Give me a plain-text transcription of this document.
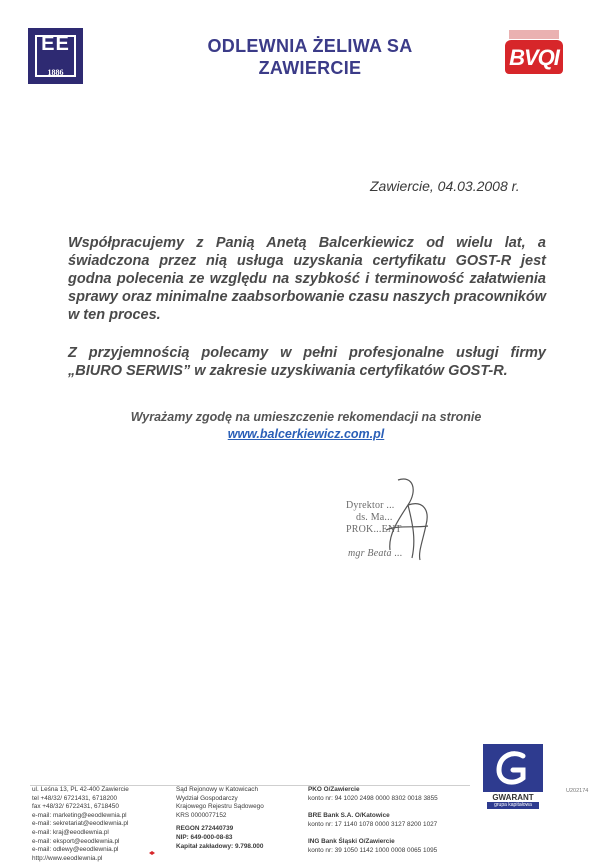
EE
1886
ODLEWNIA ŻELIWA SA
ZAWIERCIE	BVQI
Zawiercie, 04.03.2008 r.
Współpracujemy z Panią Anetą Balcerkiewicz od wielu lat, a świadczona przez nią usługa uzyskania certyfikatu GOST-R jest godna polecenia ze względu na szybkość i terminowość załatwienia sprawy oraz minimalne zaabsorbowanie czasu naszych pracowników w ten proces.
Z przyjemnością polecamy w pełni profesjonalne usługi firmy „BIURO SERWIS” w zakresie uzyskiwania certyfikatów GOST-R.
Wyrażamy zgodę na umieszczenie rekomendacji na stronie
www.balcerkiewicz.com.pl
Dyrektor ...
ds. Ma...
PROK...ENT
mgr Beata ...
ul. Leśna 13, PL 42-400 Zawiercie
tel +48/32/ 6721431, 6718200
fax +48/32/ 6722431, 6718450
e-mail: marketing@eeodlewnia.pl
e-mail: sekretariat@eeodlewnia.pl
e-mail: kraj@eeodlewnia.pl
e-mail: eksport@eeodlewnia.pl
e-mail: odlewy@eeodlewnia.pl
http://www.eeodlewnia.pl
Sąd Rejonowy w Katowicach
Wydział Gospodarczy
Krajowego Rejestru Sądowego
KRS 0000077152
REGON 272440739
NIP: 649-000-08-83
Kapitał zakładowy: 9.798.000
PKO O/Zawiercie
konto nr: 94 1020 2498 0000 8302 0018 3855
BRE Bank S.A. O/Katowice
konto nr: 17 1140 1078 0000 3127 8200 1027
ING Bank Śląski O/Zawiercie
konto nr: 39 1050 1142 1000 0008 0065 1095
GWARANT
grupa kapitałowa
U202174
